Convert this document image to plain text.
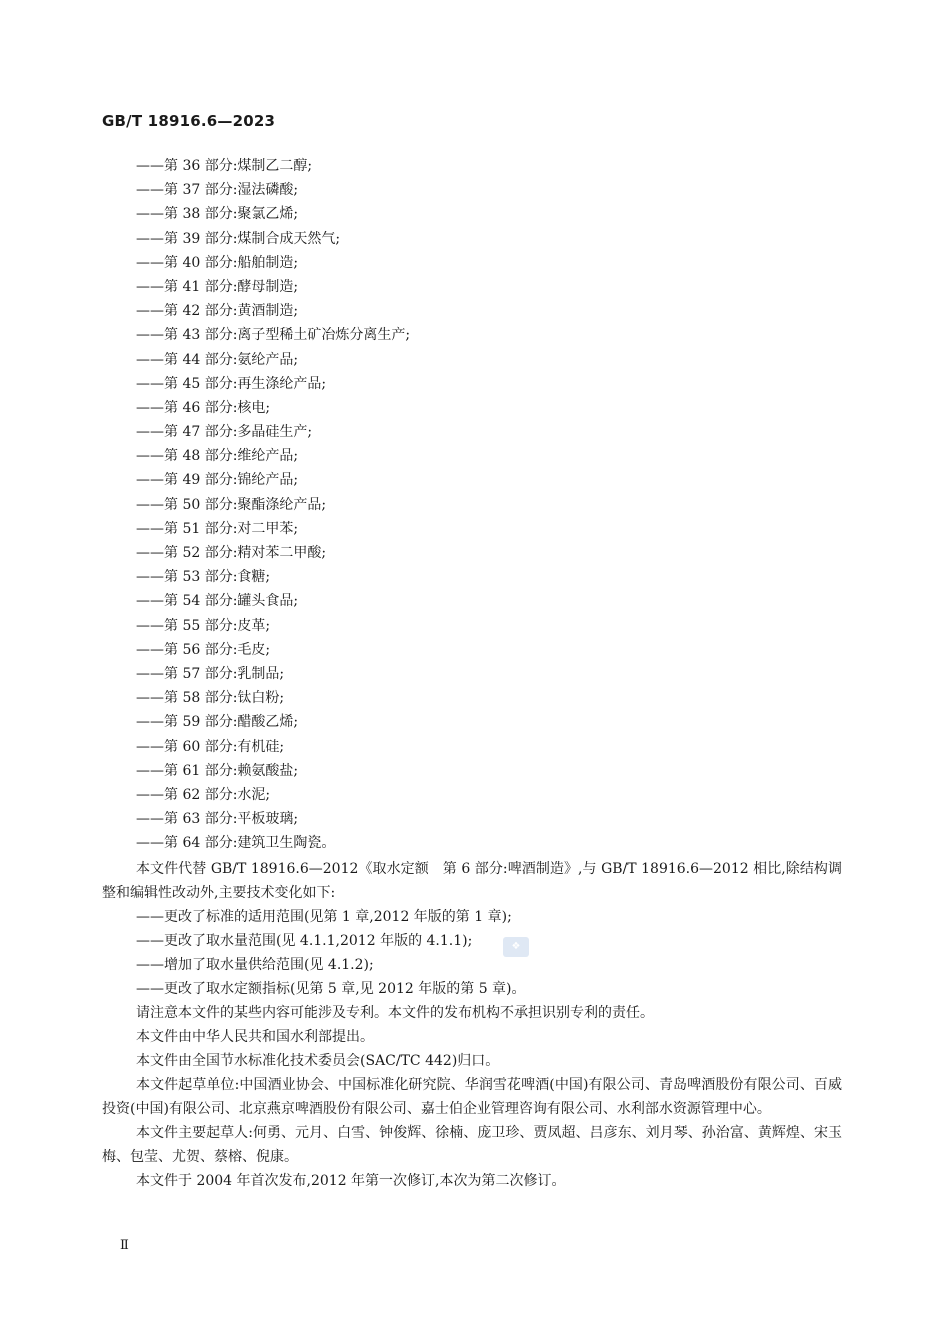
GB/T 18916.6—2023
——第 36 部分:煤制乙二醇;
——第 37 部分:湿法磷酸;
——第 38 部分:聚氯乙烯;
——第 39 部分:煤制合成天然气;
——第 40 部分:船舶制造;
——第 41 部分:酵母制造;
——第 42 部分:黄酒制造;
——第 43 部分:离子型稀土矿冶炼分离生产;
——第 44 部分:氨纶产品;
——第 45 部分:再生涤纶产品;
——第 46 部分:核电;
——第 47 部分:多晶硅生产;
——第 48 部分:维纶产品;
——第 49 部分:锦纶产品;
——第 50 部分:聚酯涤纶产品;
——第 51 部分:对二甲苯;
——第 52 部分:精对苯二甲酸;
——第 53 部分:食糖;
——第 54 部分:罐头食品;
——第 55 部分:皮革;
——第 56 部分:毛皮;
——第 57 部分:乳制品;
——第 58 部分:钛白粉;
——第 59 部分:醋酸乙烯;
——第 60 部分:有机硅;
——第 61 部分:赖氨酸盐;
——第 62 部分:水泥;
——第 63 部分:平板玻璃;
——第 64 部分:建筑卫生陶瓷。

本文件代替 GB/T 18916.6—2012《取水定额　第 6 部分:啤酒制造》,与 GB/T 18916.6—2012 相比,除结构调整和编辑性改动外,主要技术变化如下:

——更改了标准的适用范围(见第 1 章,2012 年版的第 1 章);

——更改了取水量范围(见 4.1.1,2012 年版的 4.1.1);

——增加了取水量供给范围(见 4.1.2);

——更改了取水定额指标(见第 5 章,见 2012 年版的第 5 章)。

请注意本文件的某些内容可能涉及专利。本文件的发布机构不承担识别专利的责任。

本文件由中华人民共和国水利部提出。

本文件由全国节水标准化技术委员会(SAC/TC 442)归口。

本文件起草单位:中国酒业协会、中国标准化研究院、华润雪花啤酒(中国)有限公司、青岛啤酒股份有限公司、百威投资(中国)有限公司、北京燕京啤酒股份有限公司、嘉士伯企业管理咨询有限公司、水利部水资源管理中心。

本文件主要起草人:何勇、元月、白雪、钟俊辉、徐楠、庞卫珍、贾凤超、吕彦东、刘月琴、孙治富、黄辉煌、宋玉梅、包莹、尤贺、蔡榕、倪康。

本文件于 2004 年首次发布,2012 年第一次修订,本次为第二次修订。

❖
Ⅱ
